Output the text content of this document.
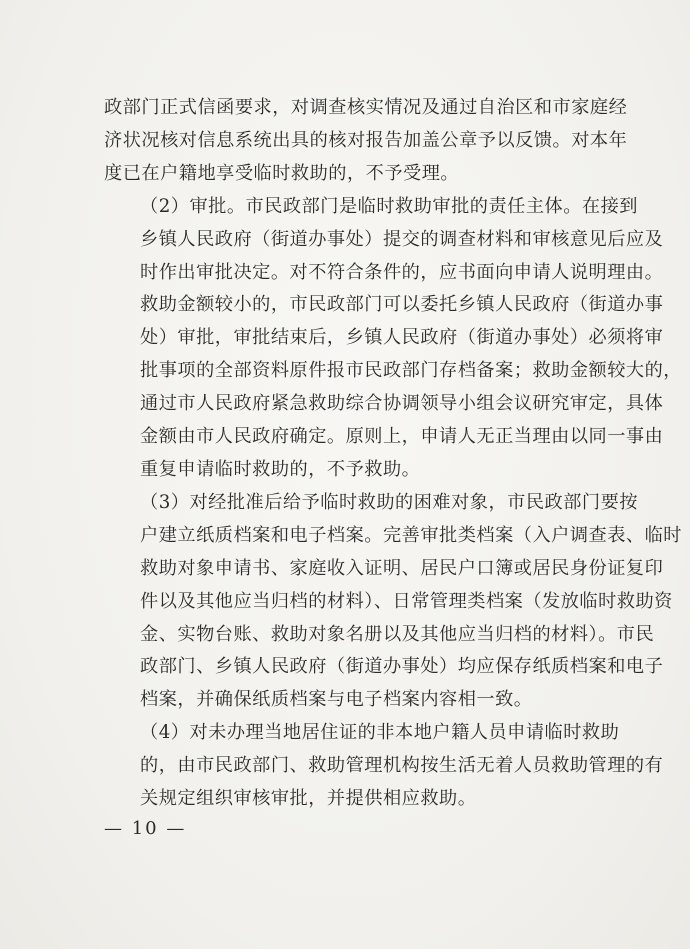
政部门正式信函要求，对调查核实情况及通过自治区和市家庭经
济状况核对信息系统出具的核对报告加盖公章予以反馈。对本年
度已在户籍地享受临时救助的，不予受理。

（2）审批。市民政部门是临时救助审批的责任主体。在接到
乡镇人民政府（街道办事处）提交的调查材料和审核意见后应及
时作出审批决定。对不符合条件的，应书面向申请人说明理由。
救助金额较小的，市民政部门可以委托乡镇人民政府（街道办事
处）审批，审批结束后，乡镇人民政府（街道办事处）必须将审
批事项的全部资料原件报市民政部门存档备案；救助金额较大的，
通过市人民政府紧急救助综合协调领导小组会议研究审定，具体
金额由市人民政府确定。原则上，申请人无正当理由以同一事由
重复申请临时救助的，不予救助。

（3）对经批准后给予临时救助的困难对象，市民政部门要按
户建立纸质档案和电子档案。完善审批类档案（入户调查表、临时
救助对象申请书、家庭收入证明、居民户口簿或居民身份证复印
件以及其他应当归档的材料）、日常管理类档案（发放临时救助资
金、实物台账、救助对象名册以及其他应当归档的材料）。市民
政部门、乡镇人民政府（街道办事处）均应保存纸质档案和电子
档案，并确保纸质档案与电子档案内容相一致。

（4）对未办理当地居住证的非本地户籍人员申请临时救助
的，由市民政部门、救助管理机构按生活无着人员救助管理的有
关规定组织审核审批，并提供相应救助。

— 10 —
